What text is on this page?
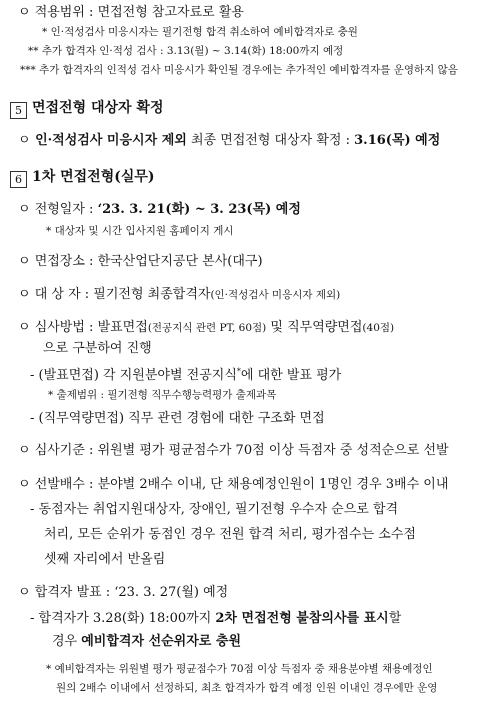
ㅇ 적용범위 : 면접전형 참고자료로 활용
* 인·적성검사 미응시자는 필기전형 합격 취소하여 예비합격자로 충원
** 추가 합격자 인·적성 검사 : 3.13(월) ~ 3.14(화) 18:00까지 예정
*** 추가 합격자의 인적성 검사 미응시가 확인될 경우에는 추가적인 예비합격자를 운영하지 않음
5 면접전형 대상자 확정
ㅇ 인·적성검사 미응시자 제외 최종 면접전형 대상자 확정 : 3.16(목) 예정
6 1차 면접전형(실무)
ㅇ 전형일자 : ‘23. 3. 21(화) ~ 3. 23(목) 예정
* 대상자 및 시간 입사지원 홈페이지 게시
ㅇ 면접장소 : 한국산업단지공단 본사(대구)
ㅇ 대 상 자 : 필기전형 최종합격자(인·적성검사 미응시자 제외)
ㅇ 심사방법 : 발표면접(전공지식 관련 PT, 60점) 및 직무역량면접(40점)
으로 구분하여 진행
- (발표면접) 각 지원분야별 전공지식*에 대한 발표 평가
* 출제범위 : 필기전형 직무수행능력평가 출제과목
- (직무역량면접) 직무 관련 경험에 대한 구조화 면접
ㅇ 심사기준 : 위원별 평가 평균점수가 70점 이상 득점자 중 성적순으로 선발
ㅇ 선발배수 : 분야별 2배수 이내, 단 채용예정인원이 1명인 경우 3배수 이내
- 동점자는 취업지원대상자, 장애인, 필기전형 우수자 순으로 합격
처리, 모든 순위가 동점인 경우 전원 합격 처리, 평가점수는 소수점
셋째 자리에서 반올림
ㅇ 합격자 발표 : ‘23. 3. 27(월) 예정
- 합격자가 3.28(화) 18:00까지 2차 면접전형 불참의사를 표시할
경우 예비합격자 선순위자로 충원
* 예비합격자는 위원별 평가 평균점수가 70점 이상 득점자 중 채용분야별 채용예정인
원의 2배수 이내에서 선정하되, 최초 합격자가 합격 예정 인원 이내인 경우에만 운영
